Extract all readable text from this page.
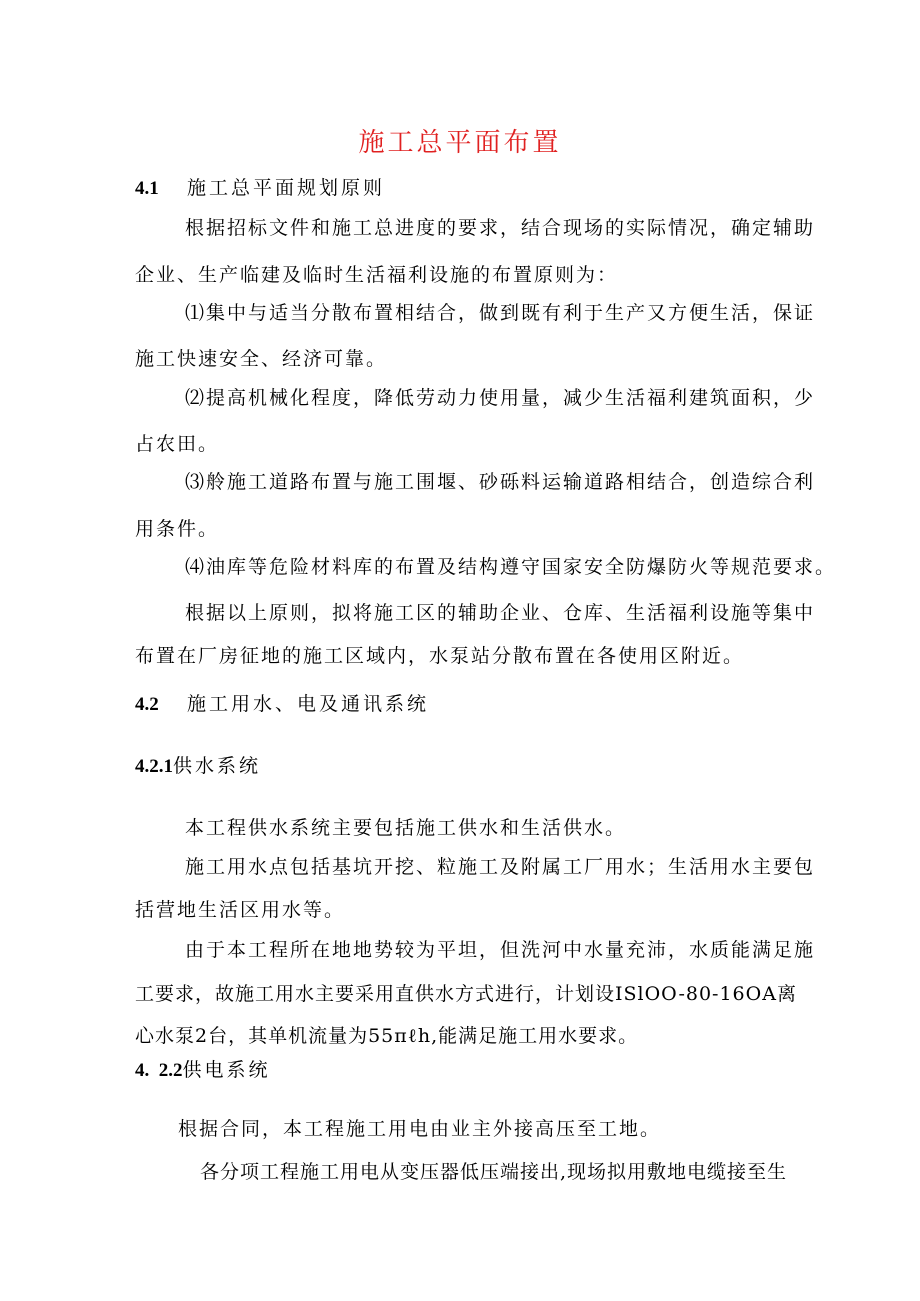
施工总平面布置
4.1 施工总平面规划原则
根据招标文件和施工总进度的要求，结合现场的实际情况，确定辅助
企业、生产临建及临时生活福利设施的布置原则为：
⑴集中与适当分散布置相结合，做到既有利于生产又方便生活，保证
施工快速安全、经济可靠。
⑵提高机械化程度，降低劳动力使用量，减少生活福利建筑面积，少
占农田。
⑶舲施工道路布置与施工围堰、砂砾料运输道路相结合，创造综合利
用条件。
⑷油库等危险材料库的布置及结构遵守国家安全防爆防火等规范要求。
根据以上原则，拟将施工区的辅助企业、仓库、生活福利设施等集中
布置在厂房征地的施工区域内，水泵站分散布置在各使用区附近。
4.2 施工用水、电及通讯系统
4.2.1供水系统
本工程供水系统主要包括施工供水和生活供水。
施工用水点包括基坑开挖、粒施工及附属工厂用水；生活用水主要包
括营地生活区用水等。
由于本工程所在地地势较为平坦，但洗河中水量充沛，水质能满足施
工要求，故施工用水主要采用直供水方式进行，计划设ISlOO-80-16OA离
心水泵2台，其单机流量为55πℓh,能满足施工用水要求。
4.  2.2供电系统
根据合同，本工程施工用电由业主外接高压至工地。
各分项工程施工用电从变压器低压端接出,现场拟用敷地电缆接至生
